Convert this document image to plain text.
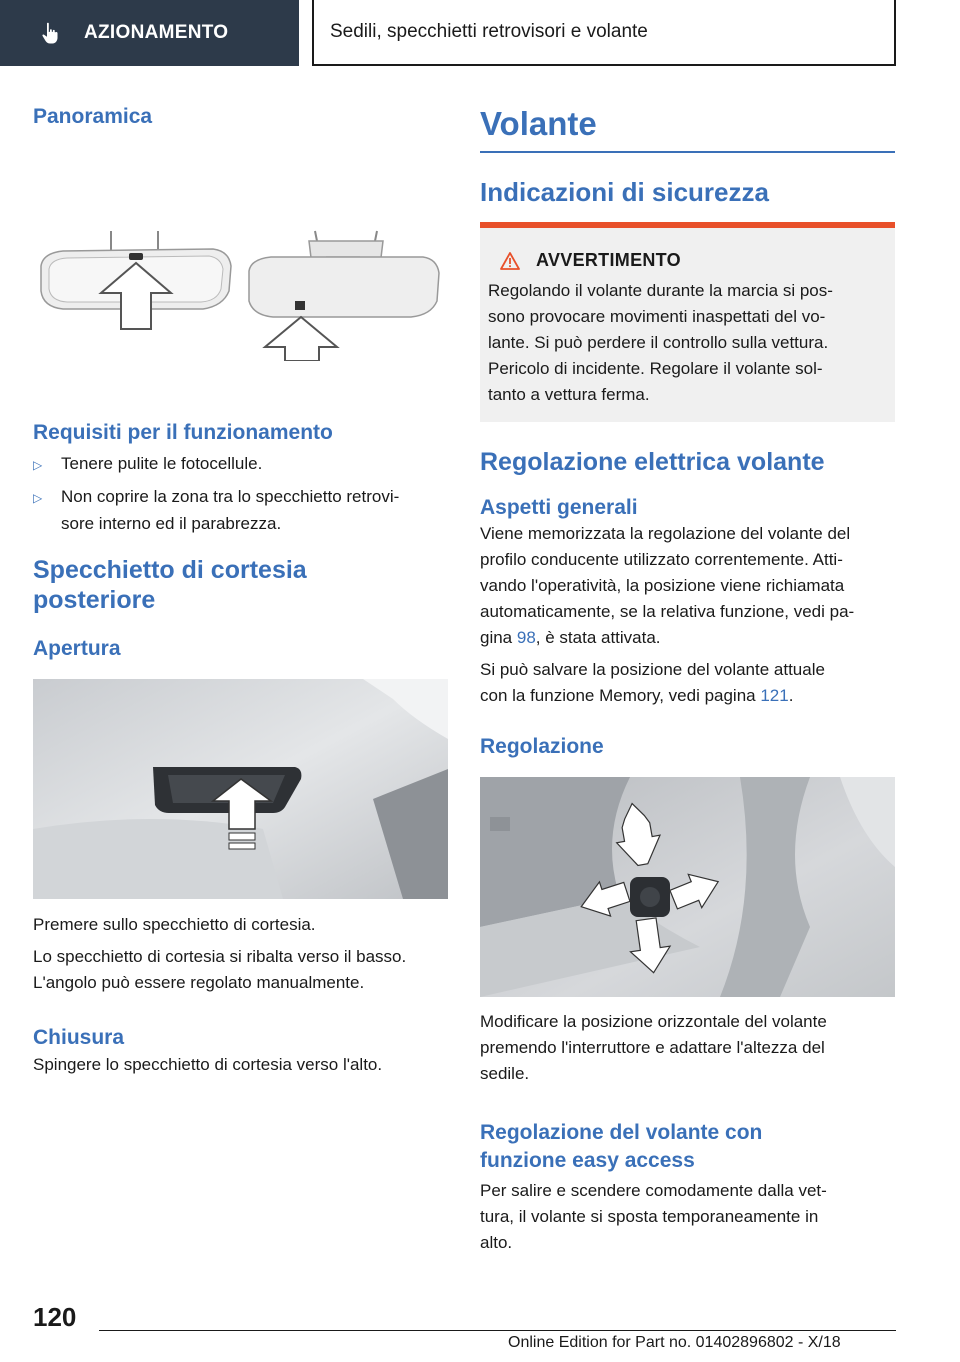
AZIONAMENTO	Sedili, specchietti retrovisori e volante
Panoramica
Requisiti per il funzionamento
▷	Tenere pulite le fotocellule.
▷	Non coprire la zona tra lo specchietto retrovi-
sore interno ed il parabrezza.
Specchietto di cortesia
posteriore
Apertura
Premere sullo specchietto di cortesia.
Lo specchietto di cortesia si ribalta verso il basso.
L'angolo può essere regolato manualmente.
Chiusura
Spingere lo specchietto di cortesia verso l'alto.
Volante
Indicazioni di sicurezza
AVVERTIMENTO
Regolando il volante durante la marcia si pos-
sono provocare movimenti inaspettati del vo-
lante. Si può perdere il controllo sulla vettura.
Pericolo di incidente. Regolare il volante sol-
tanto a vettura ferma.
Regolazione elettrica volante
Aspetti generali
Viene memorizzata la regolazione del volante del
profilo conducente utilizzato correntemente. Atti-
vando l'operatività, la posizione viene richiamata
automaticamente, se la relativa funzione, vedi pa-
gina 98, è stata attivata.
Si può salvare la posizione del volante attuale
con la funzione Memory, vedi pagina 121.
Regolazione
Modificare la posizione orizzontale del volante
premendo l'interruttore e adattare l'altezza del
sedile.
Regolazione del volante con
funzione easy access
Per salire e scendere comodamente dalla vet-
tura, il volante si sposta temporaneamente in
alto.
120
Online Edition for Part no. 01402896802 - X/18
